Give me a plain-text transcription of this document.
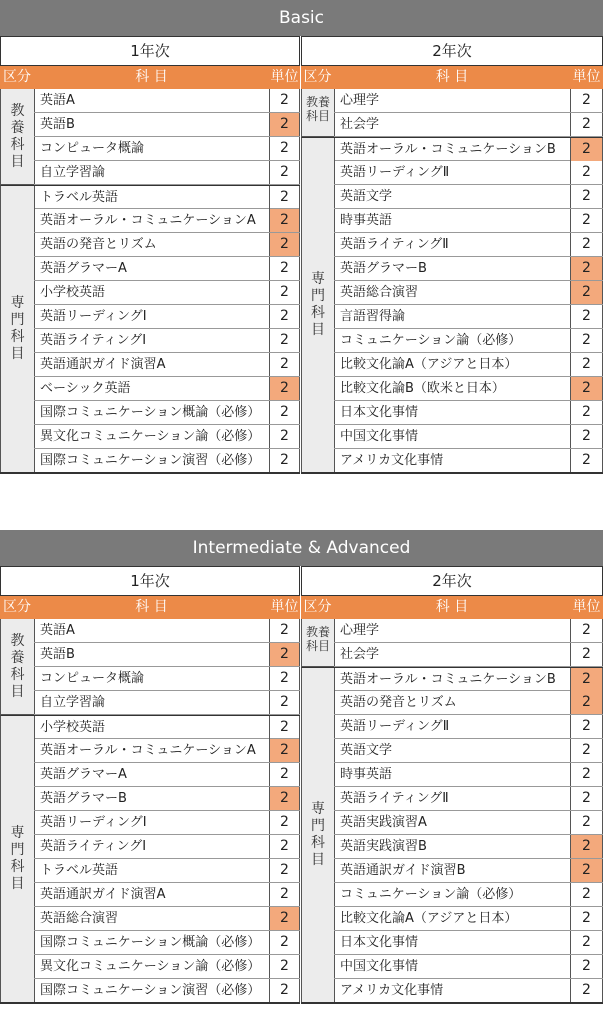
Basic
1年次
区分	科 目	単位
教養科目
英語A	2
英語B	2
コンピュータ概論	2
自立学習論	2
専門科目
トラベル英語	2
英語オーラル・コミュニケーションA	2
英語の発音とリズム	2
英語グラマーA	2
小学校英語	2
英語リーディングⅠ	2
英語ライティングⅠ	2
英語通訳ガイド演習A	2
ベーシック英語	2
国際コミュニケーション概論（必修）	2
異文化コミュニケーション論（必修）	2
国際コミュニケーション演習（必修）	2
2年次
区分	科 目	単位
教養科目
心理学	2
社会学	2
専門科目
英語オーラル・コミュニケーションB	2
英語リーディングⅡ	2
英語文学	2
時事英語	2
英語ライティングⅡ	2
英語グラマーB	2
英語総合演習	2
言語習得論	2
コミュニケーション論（必修）	2
比較文化論A（アジアと日本）	2
比較文化論B（欧米と日本）	2
日本文化事情	2
中国文化事情	2
アメリカ文化事情	2
Intermediate & Advanced
1年次
区分	科 目	単位
教養科目
英語A	2
英語B	2
コンピュータ概論	2
自立学習論	2
専門科目
小学校英語	2
英語オーラル・コミュニケーションA	2
英語グラマーA	2
英語グラマーB	2
英語リーディングⅠ	2
英語ライティングⅠ	2
トラベル英語	2
英語通訳ガイド演習A	2
英語総合演習	2
国際コミュニケーション概論（必修）	2
異文化コミュニケーション論（必修）	2
国際コミュニケーション演習（必修）	2
2年次
区分	科 目	単位
教養科目
心理学	2
社会学	2
専門科目
英語オーラル・コミュニケーションB	2
英語の発音とリズム	2
英語リーディングⅡ	2
英語文学	2
時事英語	2
英語ライティングⅡ	2
英語実践演習A	2
英語実践演習B	2
英語通訳ガイド演習B	2
コミュニケーション論（必修）	2
比較文化論A（アジアと日本）	2
日本文化事情	2
中国文化事情	2
アメリカ文化事情	2
